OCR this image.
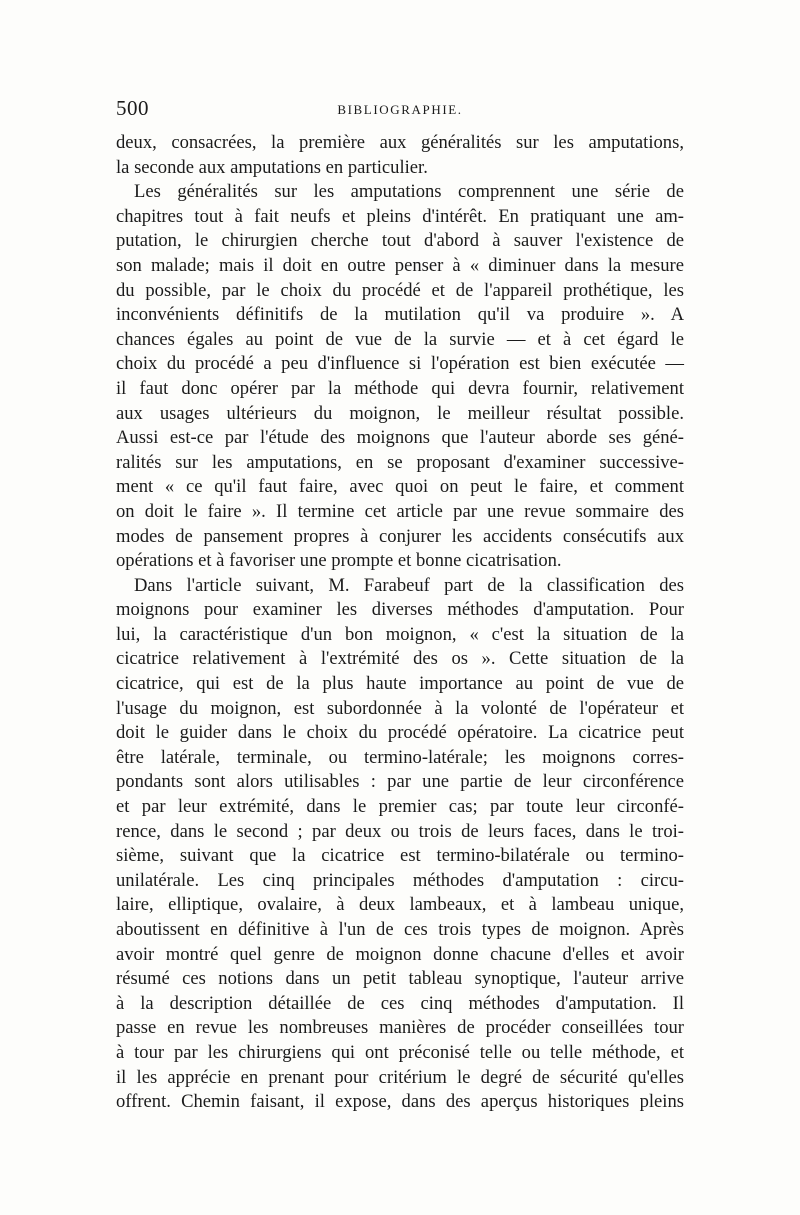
500	BIBLIOGRAPHIE.
deux, consacrées, la première aux généralités sur les amputations,
la seconde aux amputations en particulier.
Les généralités sur les amputations comprennent une série de
chapitres tout à fait neufs et pleins d'intérêt. En pratiquant une am-
putation, le chirurgien cherche tout d'abord à sauver l'existence de
son malade; mais il doit en outre penser à « diminuer dans la mesure
du possible, par le choix du procédé et de l'appareil prothétique, les
inconvénients définitifs de la mutilation qu'il va produire ». A
chances égales au point de vue de la survie — et à cet égard le
choix du procédé a peu d'influence si l'opération est bien exécutée —
il faut donc opérer par la méthode qui devra fournir, relativement
aux usages ultérieurs du moignon, le meilleur résultat possible.
Aussi est-ce par l'étude des moignons que l'auteur aborde ses géné-
ralités sur les amputations, en se proposant d'examiner successive-
ment « ce qu'il faut faire, avec quoi on peut le faire, et comment
on doit le faire ». Il termine cet article par une revue sommaire des
modes de pansement propres à conjurer les accidents consécutifs aux
opérations et à favoriser une prompte et bonne cicatrisation.
Dans l'article suivant, M. Farabeuf part de la classification des
moignons pour examiner les diverses méthodes d'amputation. Pour
lui, la caractéristique d'un bon moignon, « c'est la situation de la
cicatrice relativement à l'extrémité des os ». Cette situation de la
cicatrice, qui est de la plus haute importance au point de vue de
l'usage du moignon, est subordonnée à la volonté de l'opérateur et
doit le guider dans le choix du procédé opératoire. La cicatrice peut
être latérale, terminale, ou termino-latérale; les moignons corres-
pondants sont alors utilisables : par une partie de leur circonférence
et par leur extrémité, dans le premier cas; par toute leur circonfé-
rence, dans le second ; par deux ou trois de leurs faces, dans le troi-
sième, suivant que la cicatrice est termino-bilatérale ou termino-
unilatérale. Les cinq principales méthodes d'amputation : circu-
laire, elliptique, ovalaire, à deux lambeaux, et à lambeau unique,
aboutissent en définitive à l'un de ces trois types de moignon. Après
avoir montré quel genre de moignon donne chacune d'elles et avoir
résumé ces notions dans un petit tableau synoptique, l'auteur arrive
à la description détaillée de ces cinq méthodes d'amputation. Il
passe en revue les nombreuses manières de procéder conseillées tour
à tour par les chirurgiens qui ont préconisé telle ou telle méthode, et
il les apprécie en prenant pour critérium le degré de sécurité qu'elles
offrent. Chemin faisant, il expose, dans des aperçus historiques pleins
